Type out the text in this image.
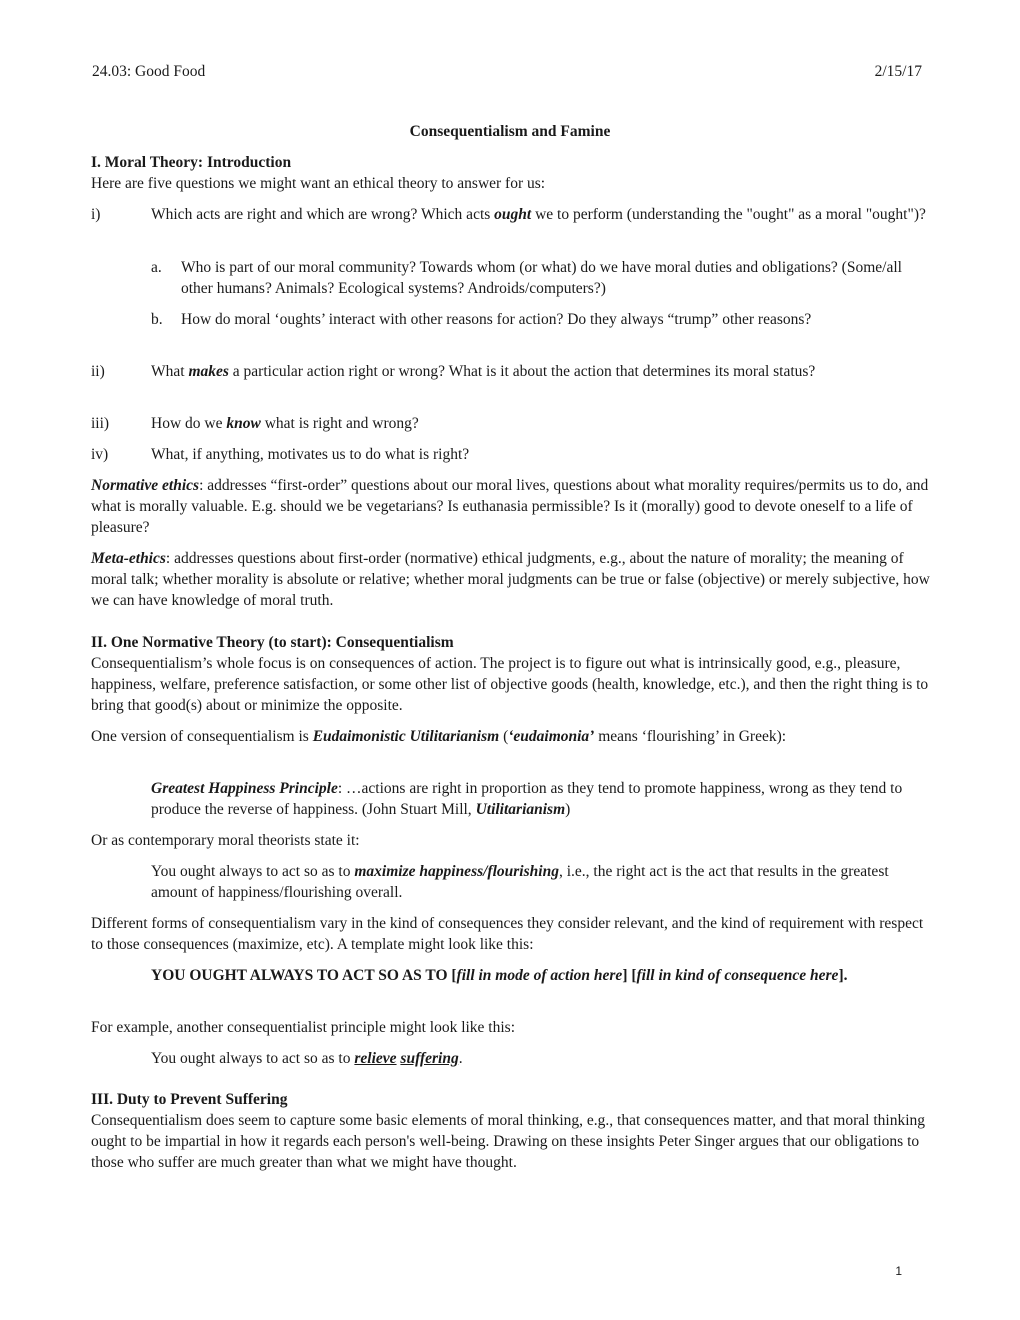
24.03: Good Food	2/15/17

Consequentialism and Famine

I. Moral Theory: Introduction

Here are five questions we might want an ethical theory to answer for us:

i)	Which acts are right and which are wrong? Which acts ought we to perform (understanding the "ought" as a moral "ought")?

a. Who is part of our moral community? Towards whom (or what) do we have moral duties and obligations? (Some/all other humans? Animals? Ecological systems? Androids/computers?)

b. How do moral ‘oughts’ interact with other reasons for action? Do they always “trump” other reasons?

ii)	What makes a particular action right or wrong? What is it about the action that determines its moral status?

iii)	How do we know what is right and wrong?

iv)	What, if anything, motivates us to do what is right?

Normative ethics: addresses “first-order” questions about our moral lives, questions about what morality requires/permits us to do, and what is morally valuable. E.g. should we be vegetarians? Is euthanasia permissible? Is it (morally) good to devote oneself to a life of pleasure?

Meta-ethics: addresses questions about first-order (normative) ethical judgments, e.g., about the nature of morality; the meaning of moral talk; whether morality is absolute or relative; whether moral judgments can be true or false (objective) or merely subjective, how we can have knowledge of moral truth.

II. One Normative Theory (to start): Consequentialism

Consequentialism’s whole focus is on consequences of action. The project is to figure out what is intrinsically good, e.g., pleasure, happiness, welfare, preference satisfaction, or some other list of objective goods (health, knowledge, etc.), and then the right thing is to bring that good(s) about or minimize the opposite.

One version of consequentialism is Eudaimonistic Utilitarianism (‘eudaimonia’ means ‘flourishing’ in Greek):

Greatest Happiness Principle: …actions are right in proportion as they tend to promote happiness, wrong as they tend to produce the reverse of happiness. (John Stuart Mill, Utilitarianism)

Or as contemporary moral theorists state it:

You ought always to act so as to maximize happiness/flourishing, i.e., the right act is the act that results in the greatest amount of happiness/flourishing overall.

Different forms of consequentialism vary in the kind of consequences they consider relevant, and the kind of requirement with respect to those consequences (maximize, etc). A template might look like this:

YOU OUGHT ALWAYS TO ACT SO AS TO [fill in mode of action here] [fill in kind of consequence here].

For example, another consequentialist principle might look like this:

You ought always to act so as to relieve suffering.

III. Duty to Prevent Suffering

Consequentialism does seem to capture some basic elements of moral thinking, e.g., that consequences matter, and that moral thinking ought to be impartial in how it regards each person's well-being. Drawing on these insights Peter Singer argues that our obligations to those who suffer are much greater than what we might have thought.

1
